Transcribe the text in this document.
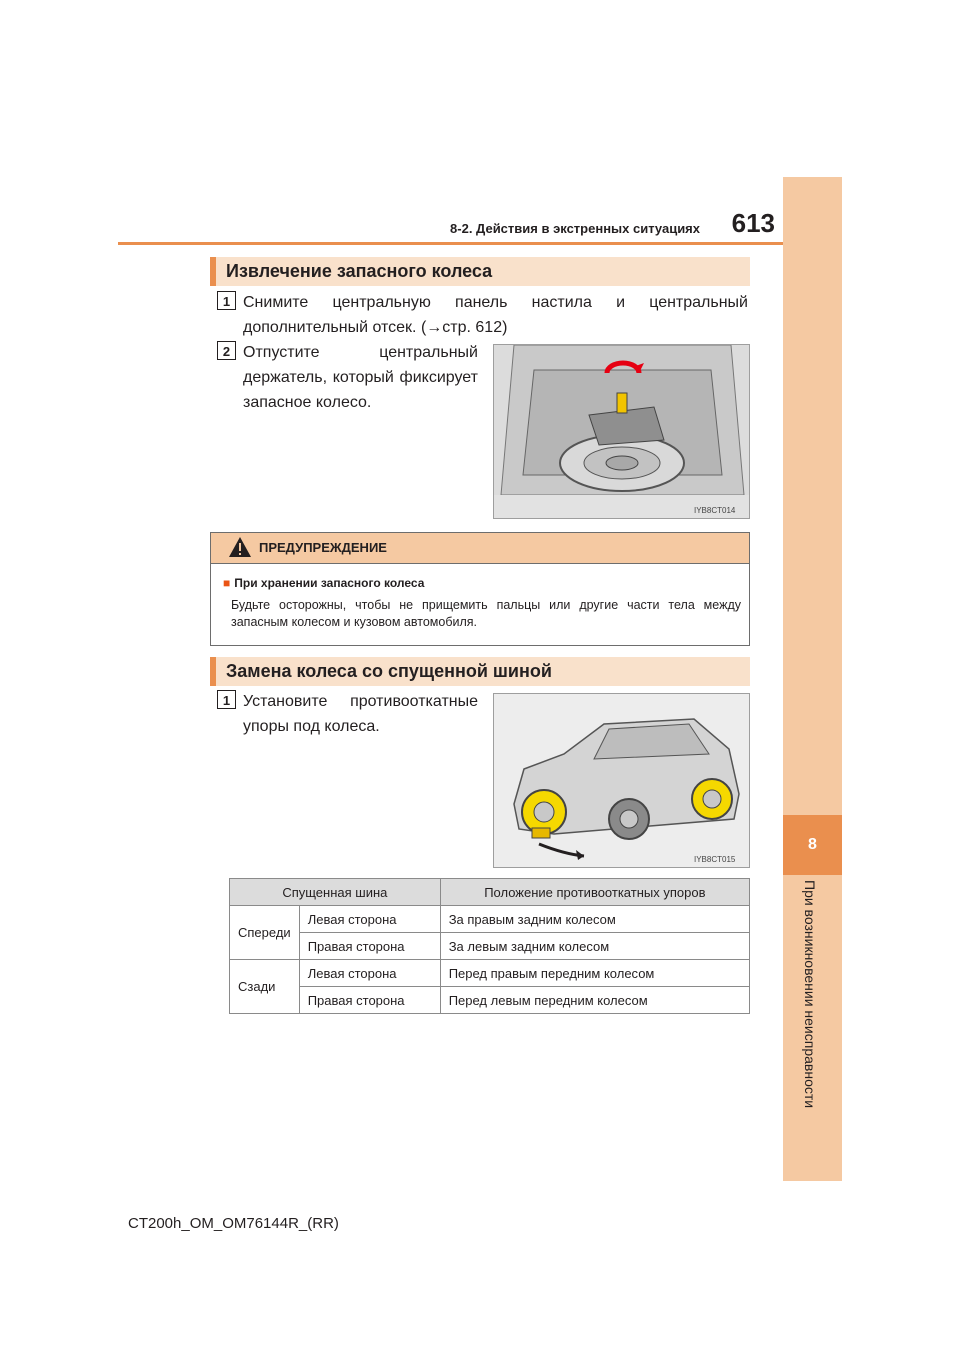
8
При возникновении неисправности
8-2. Действия в экстренных ситуациях	613
Извлечение запасного колеса
1 Снимите центральную панель настила и центральный
дополнительный отсек. (→стр. 612)
2 Отпустите центральный
держатель, который фиксирует
запасное колесо.
IYB8CT014
ПРЕДУПРЕЖДЕНИЕ
■ При хранении запасного колеса
Будьте осторожны, чтобы не прищемить пальцы или другие части тела между запасным колесом и кузовом автомобиля.
Замена колеса со спущенной шиной
1 Установите противооткатные
упоры под колеса.
IYB8CT015
Спущенная шина		Положение противооткатных упоров
Спереди	Левая сторона	За правым задним колесом
	Правая сторона	За левым задним колесом
Сзади	Левая сторона	Перед правым передним колесом
	Правая сторона	Перед левым передним колесом
CT200h_OM_OM76144R_(RR)
